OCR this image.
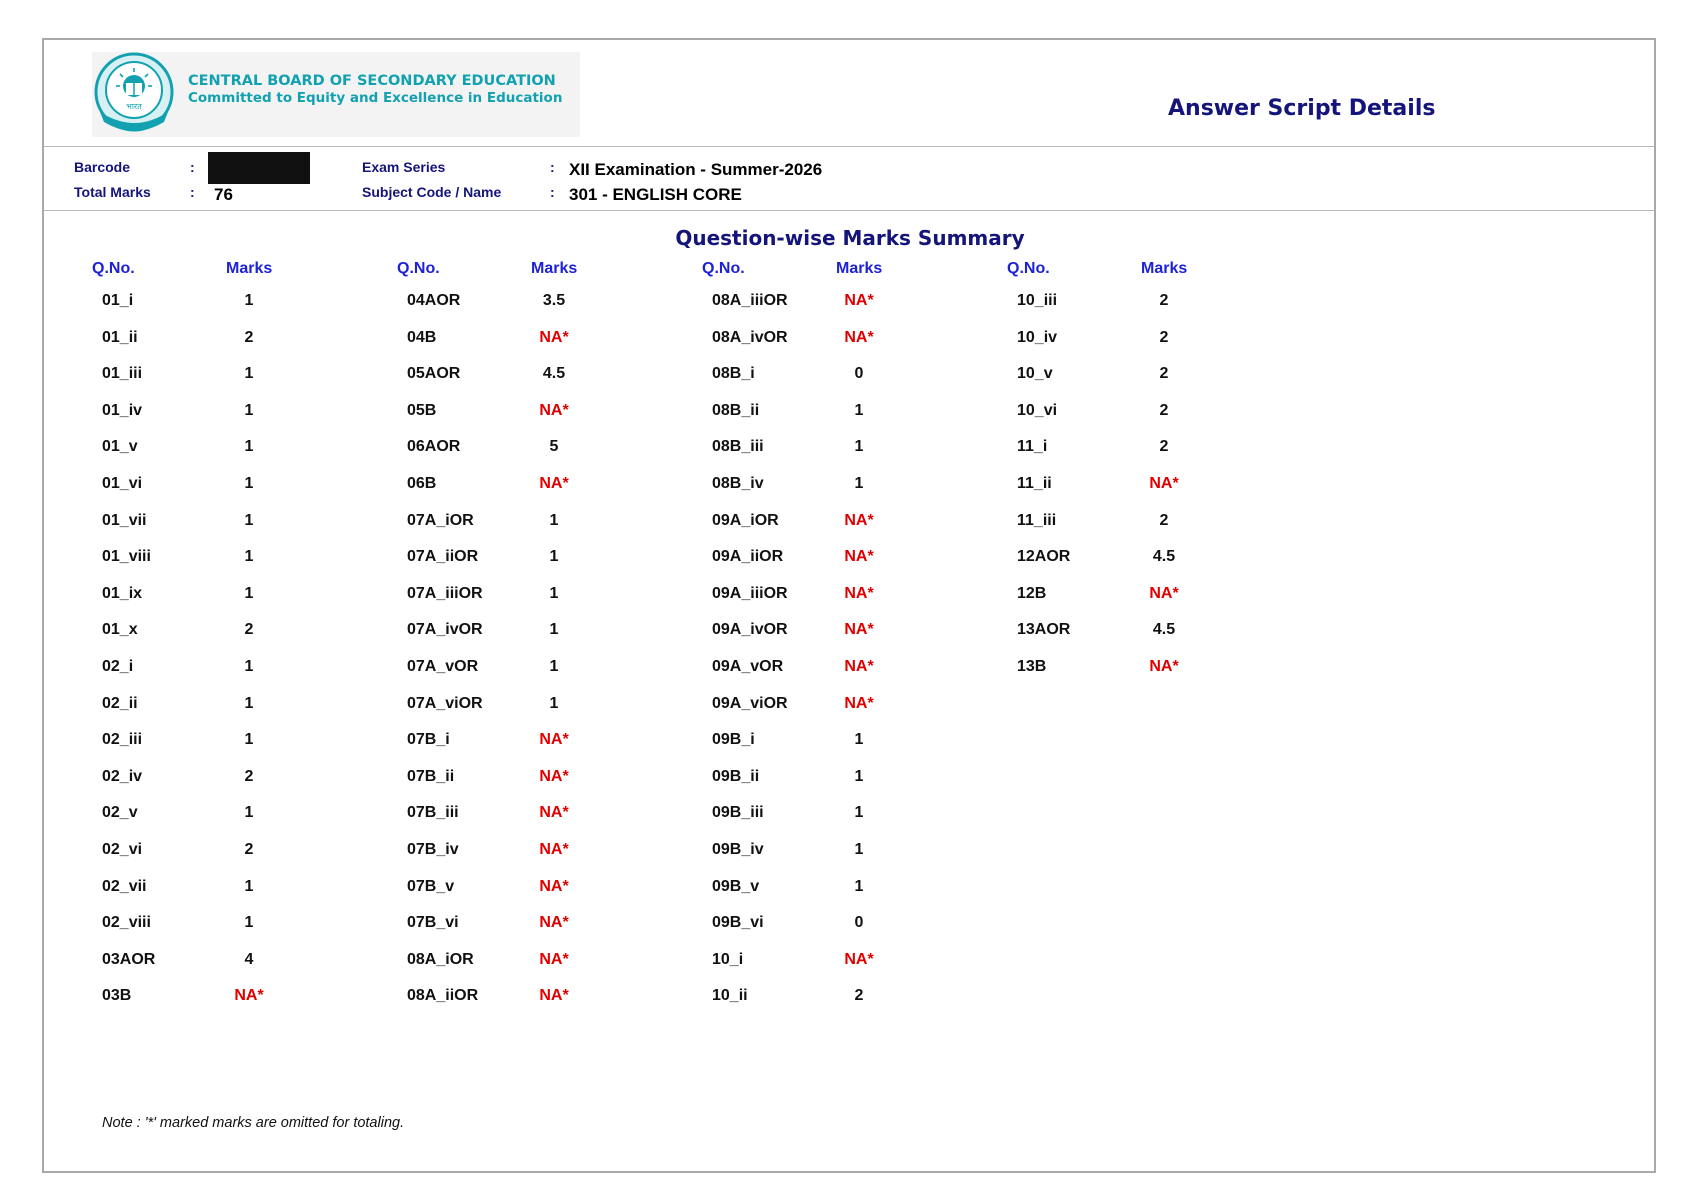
भारत
CENTRAL BOARD OF SECONDARY EDUCATION
Committed to Equity and Excellence in Education	Answer Script Details
Barcode	:
Total Marks	: 76
Exam Series	: XII Examination - Summer-2026
Subject Code / Name	: 301 - ENGLISH CORE
Question-wise Marks Summary
Q.No.	Marks
01_i	1
01_ii	2
01_iii	1
01_iv	1
01_v	1
01_vi	1
01_vii	1
01_viii	1
01_ix	1
01_x	2
02_i	1
02_ii	1
02_iii	1
02_iv	2
02_v	1
02_vi	2
02_vii	1
02_viii	1
03AOR	4
03B	NA*
Q.No.	Marks
04AOR	3.5
04B	NA*
05AOR	4.5
05B	NA*
06AOR	5
06B	NA*
07A_iOR	1
07A_iiOR	1
07A_iiiOR	1
07A_ivOR	1
07A_vOR	1
07A_viOR	1
07B_i	NA*
07B_ii	NA*
07B_iii	NA*
07B_iv	NA*
07B_v	NA*
07B_vi	NA*
08A_iOR	NA*
08A_iiOR	NA*
Q.No.	Marks
08A_iiiOR	NA*
08A_ivOR	NA*
08B_i	0
08B_ii	1
08B_iii	1
08B_iv	1
09A_iOR	NA*
09A_iiOR	NA*
09A_iiiOR	NA*
09A_ivOR	NA*
09A_vOR	NA*
09A_viOR	NA*
09B_i	1
09B_ii	1
09B_iii	1
09B_iv	1
09B_v	1
09B_vi	0
10_i	NA*
10_ii	2
Q.No.	Marks
10_iii	2
10_iv	2
10_v	2
10_vi	2
11_i	2
11_ii	NA*
11_iii	2
12AOR	4.5
12B	NA*
13AOR	4.5
13B	NA*
Note : '*' marked marks are omitted for totaling.
